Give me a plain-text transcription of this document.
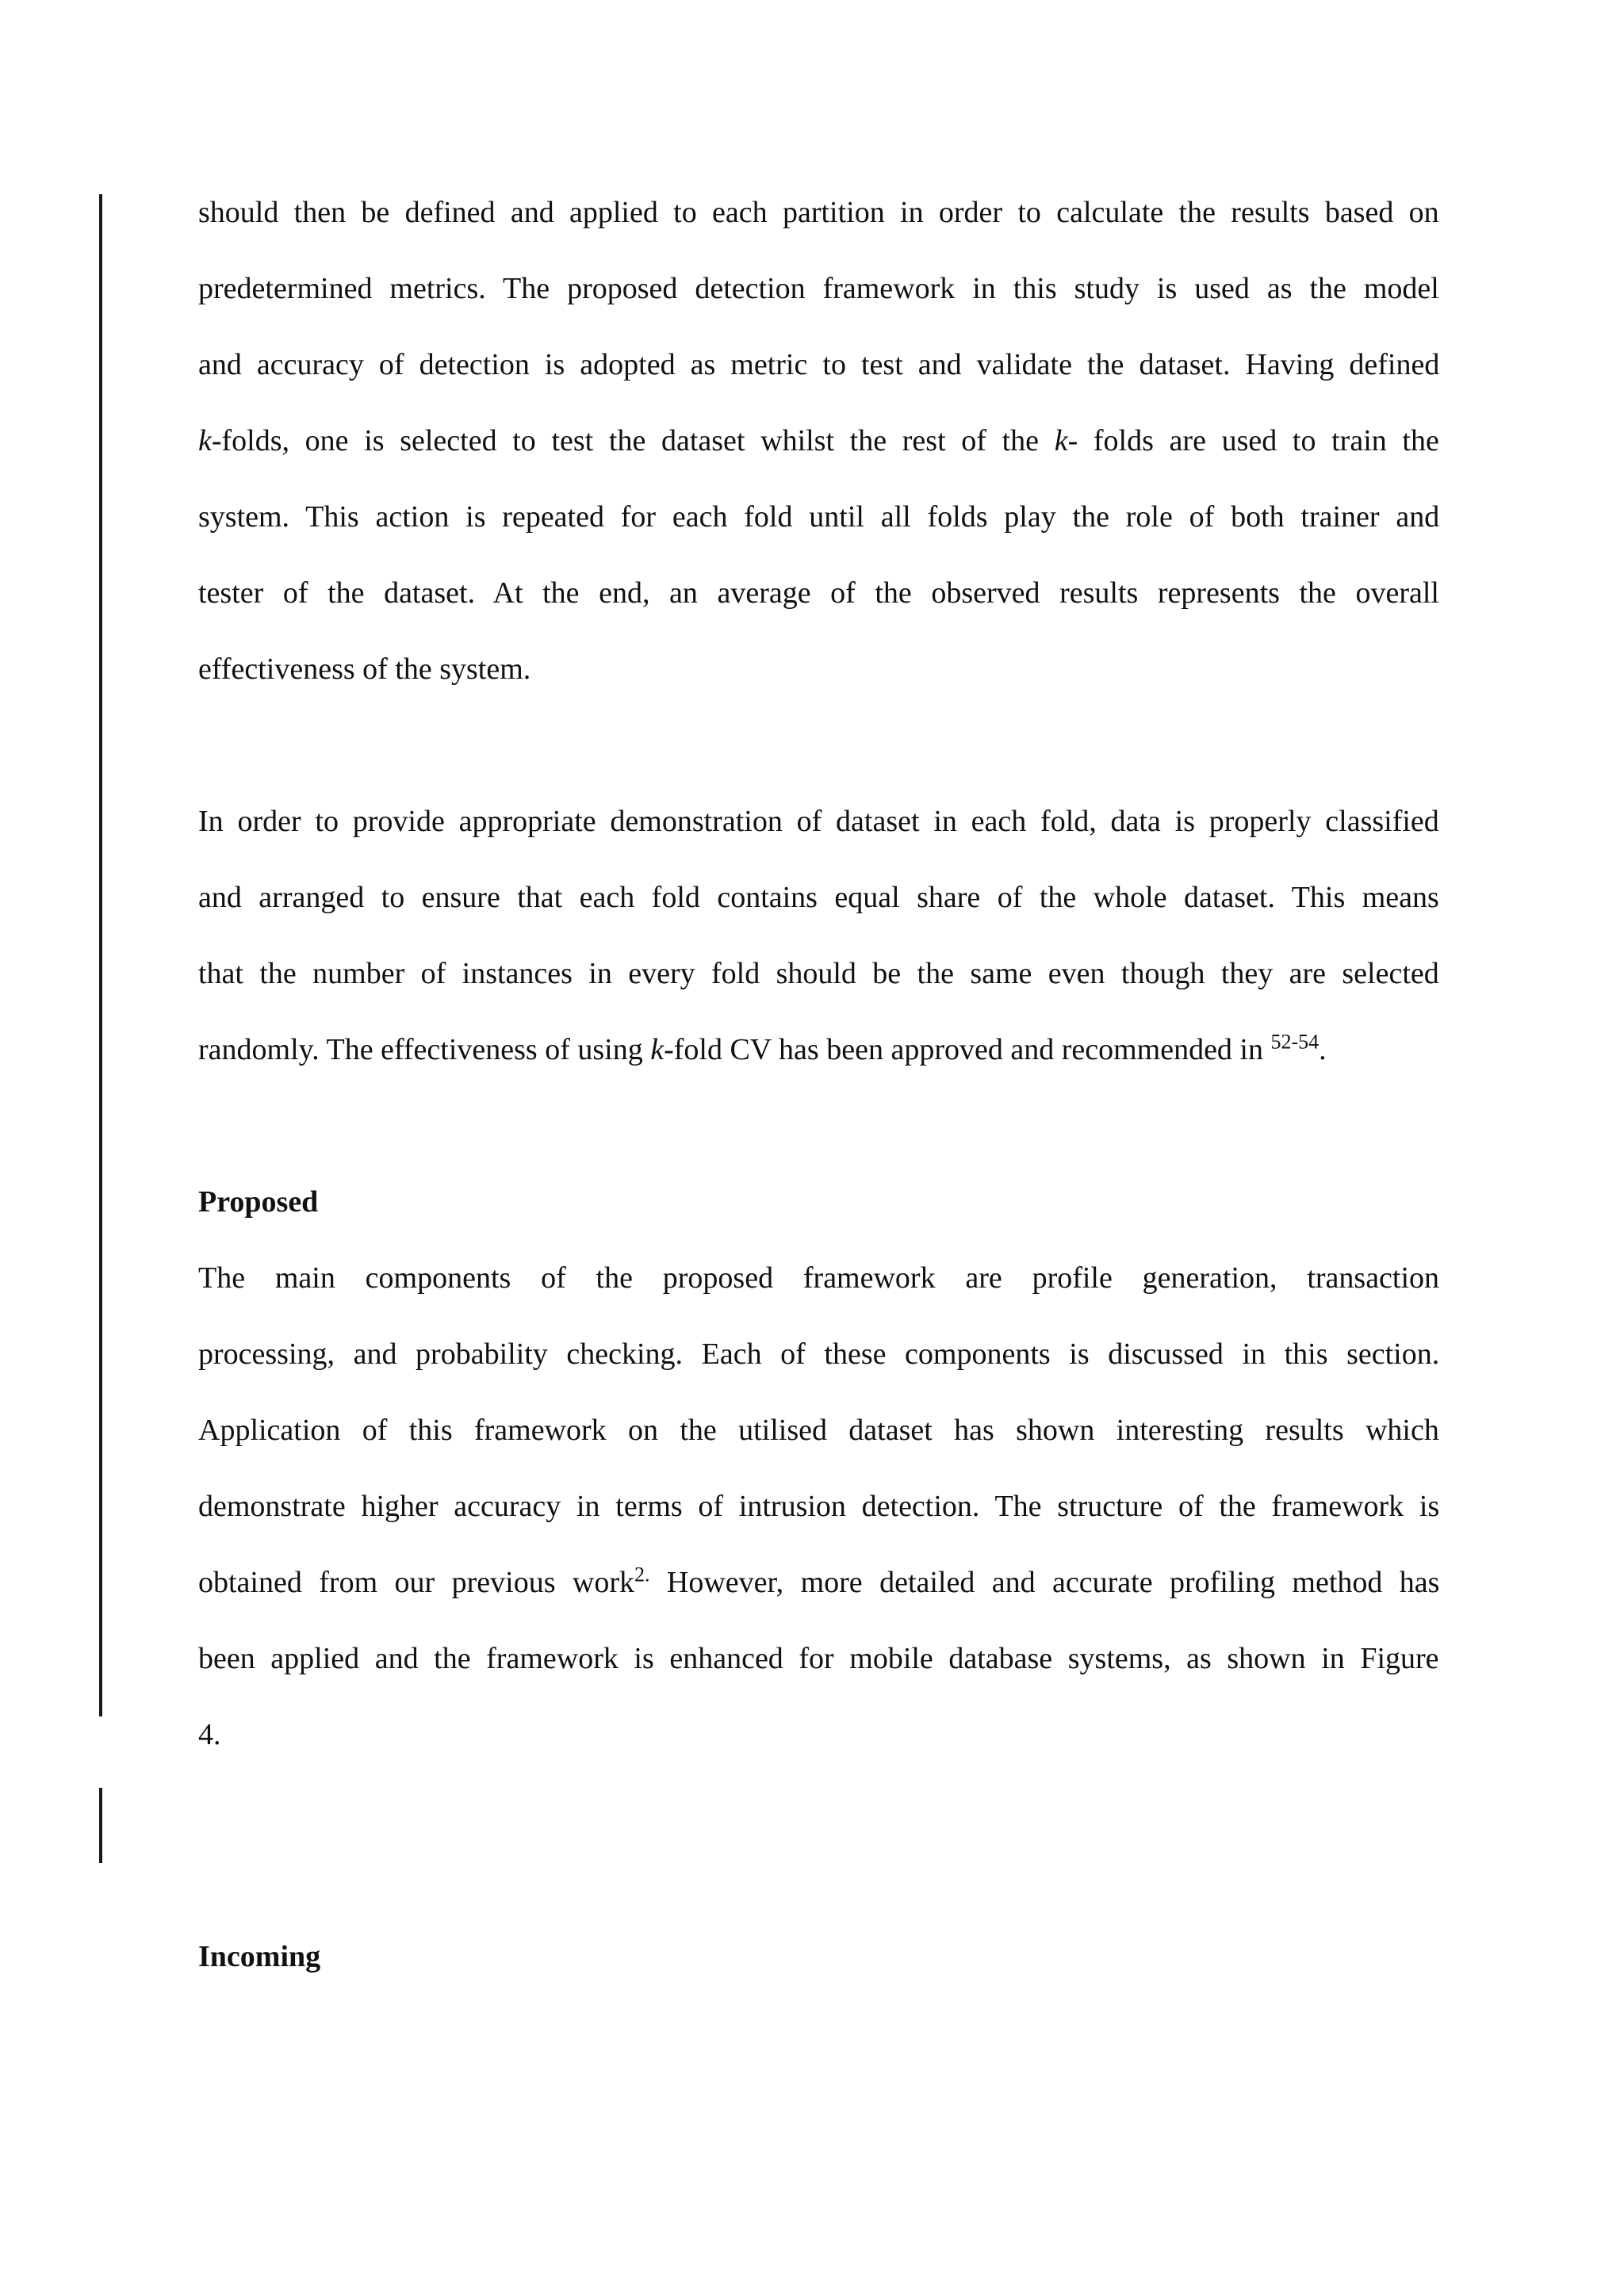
should then be defined and applied to each partition in order to calculate the results based on
predetermined metrics. The proposed detection framework in this study is used as the model
and accuracy of detection is adopted as metric to test and validate the dataset. Having defined
k-folds, one is selected to test the dataset whilst the rest of the k- folds are used to train the
system. This action is repeated for each fold until all folds play the role of both trainer and
tester of the dataset. At the end, an average of the observed results represents the overall
effectiveness of the system.
In order to provide appropriate demonstration of dataset in each fold, data is properly classified
and arranged to ensure that each fold contains equal share of the whole dataset. This means
that the number of instances in every fold should be the same even though they are selected
randomly. The effectiveness of using k-fold CV has been approved and recommended in $^{52-54}$.
Proposed
The main components of the proposed framework are profile generation, transaction
processing, and probability checking. Each of these components is discussed in this section.
Application of this framework on the utilised dataset has shown interesting results which
demonstrate higher accuracy in terms of intrusion detection. The structure of the framework is
obtained from our previous work$^{2.}$ However, more detailed and accurate profiling method has
been applied and the framework is enhanced for mobile database systems, as shown in Figure
4.
Incoming
